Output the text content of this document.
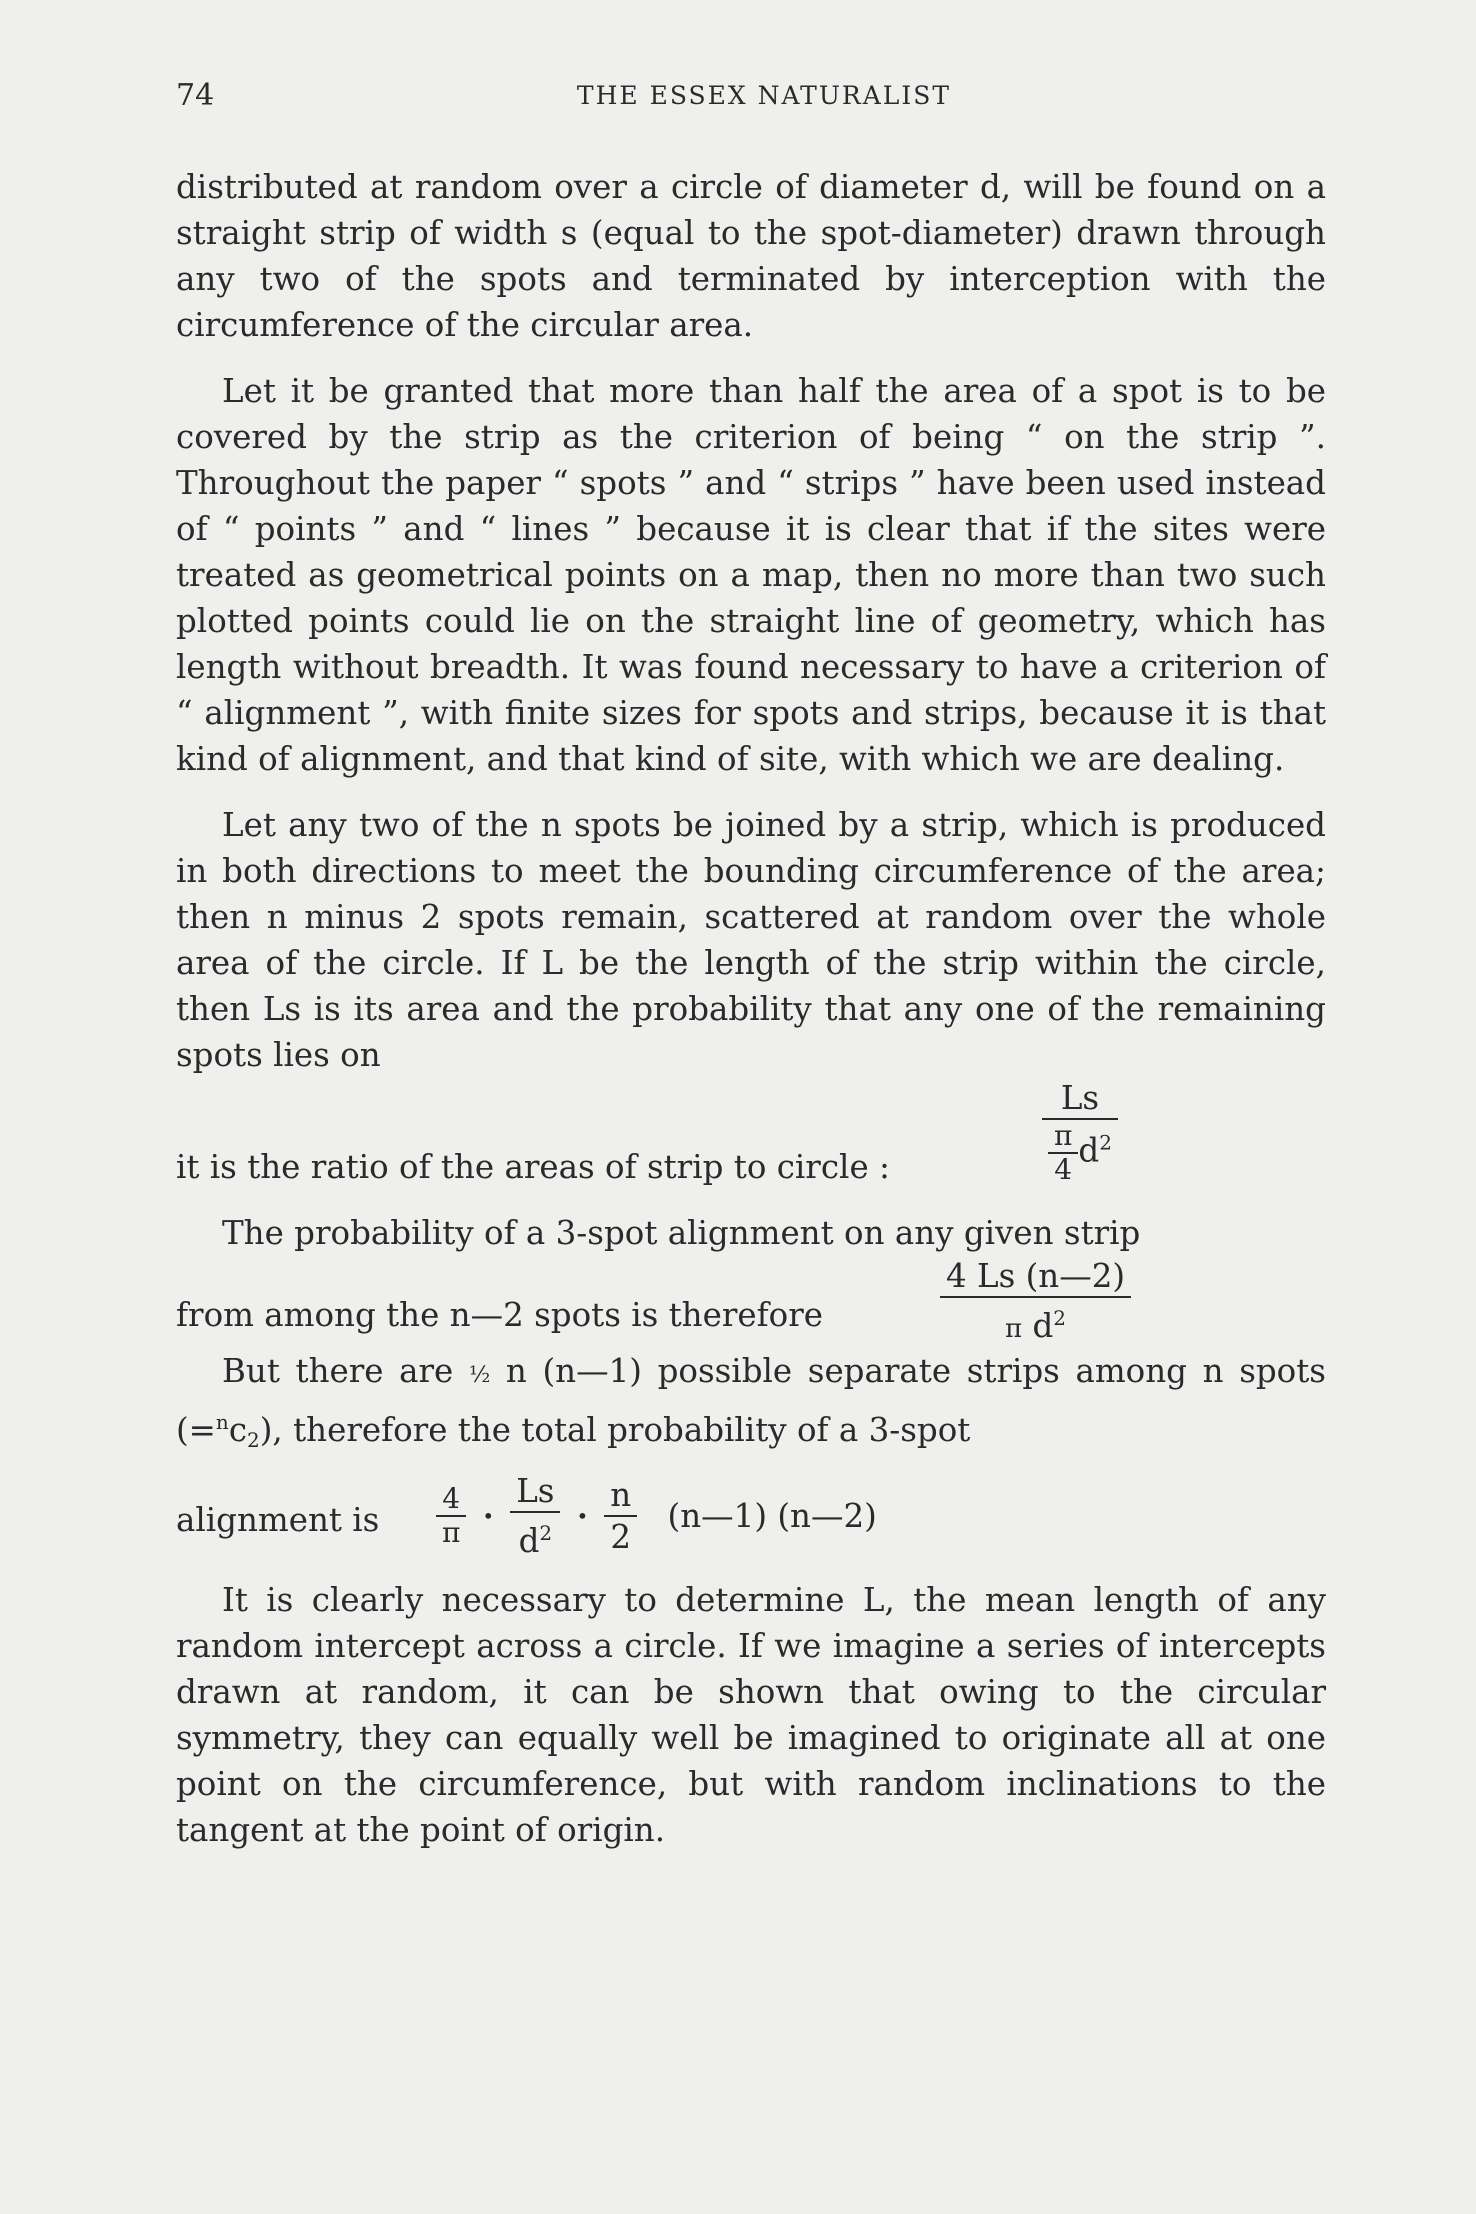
74	THE ESSEX NATURALIST

distributed at random over a circle of diameter d, will be found on a straight strip of width s (equal to the spot-diameter) drawn through any two of the spots and terminated by interception with the circumference of the circular area.

Let it be granted that more than half the area of a spot is to be covered by the strip as the criterion of being “ on the strip ”. Throughout the paper “ spots ” and “ strips ” have been used instead of “ points ” and “ lines ” because it is clear that if the sites were treated as geometrical points on a map, then no more than two such plotted points could lie on the straight line of geometry, which has length without breadth. It was found necessary to have a criterion of “ alignment ”, with finite sizes for spots and strips, because it is that kind of alignment, and that kind of site, with which we are dealing.

Let any two of the n spots be joined by a strip, which is produced in both directions to meet the bounding circumference of the area; then n minus 2 spots remain, scattered at random over the whole area of the circle. If L be the length of the strip within the circle, then Ls is its area and the probability that any one of the remaining spots lies on

it is the ratio of the areas of strip to circle :	$\frac{Ls}{\frac{\pi}{4} d^2}$

The probability of a 3-spot alignment on any given strip

from among the n—2 spots is therefore	$\frac{4 Ls (n—2)}{\pi d^2}$

But there are ½ n (n—1) possible separate strips among n spots $(=^nc_2)$, therefore the total probability of a 3-spot

alignment is $\frac{4}{\pi}$ • $\frac{Ls}{d^2}$ • $\frac{n}{2}$ (n—1) (n—2)

It is clearly necessary to determine L, the mean length of any random intercept across a circle. If we imagine a series of intercepts drawn at random, it can be shown that owing to the circular symmetry, they can equally well be imagined to originate all at one point on the circumference, but with random inclinations to the tangent at the point of origin.
